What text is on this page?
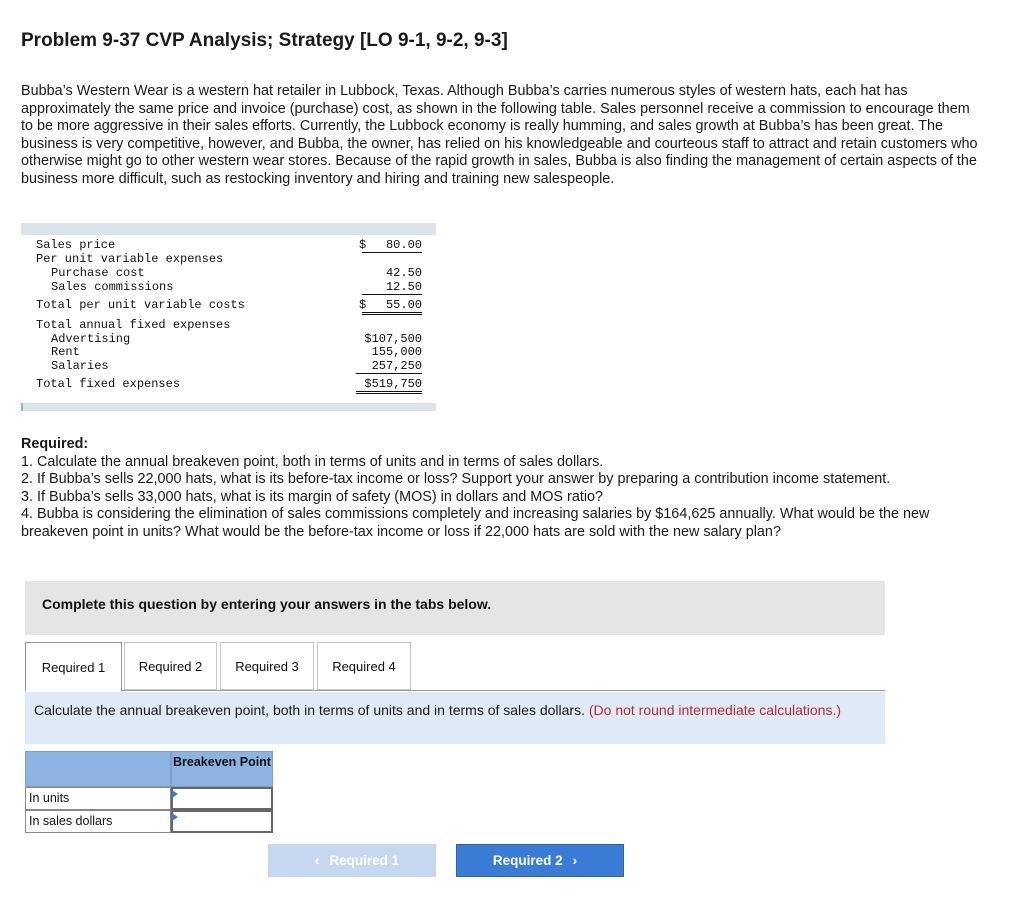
Problem 9-37 CVP Analysis; Strategy [LO 9-1, 9-2, 9-3]
Bubba’s Western Wear is a western hat retailer in Lubbock, Texas. Although Bubba’s carries numerous styles of western hats, each hat has approximately the same price and invoice (purchase) cost, as shown in the following table. Sales personnel receive a commission to encourage them to be more aggressive in their sales efforts. Currently, the Lubbock economy is really humming, and sales growth at Bubba’s has been great. The business is very competitive, however, and Bubba, the owner, has relied on his knowledgeable and courteous staff to attract and retain customers who otherwise might go to other western wear stores. Because of the rapid growth in sales, Bubba is also finding the management of certain aspects of the business more difficult, such as restocking inventory and hiring and training new salespeople.
Sales price	$	80.00
Per unit variable expenses
Purchase cost	42.50
Sales commissions	12.50
Total per unit variable costs	$	55.00
Total annual fixed expenses
Advertising	$107,500
Rent	155,000
Salaries	257,250
Total fixed expenses	$519,750
Required:

1. Calculate the annual breakeven point, both in terms of units and in terms of sales dollars.

2. If Bubba’s sells 22,000 hats, what is its before-tax income or loss? Support your answer by preparing a contribution income statement.

3. If Bubba’s sells 33,000 hats, what is its margin of safety (MOS) in dollars and MOS ratio?

4. Bubba is considering the elimination of sales commissions completely and increasing salaries by $164,625 annually. What would be the new breakeven point in units? What would be the before-tax income or loss if 22,000 hats are sold with the new salary plan?

Complete this question by entering your answers in the tabs below.
Required 1	Required 2	Required 3	Required 4
Calculate the annual breakeven point, both in terms of units and in terms of sales dollars. (Do not round intermediate calculations.)
Breakeven Point
In units
In sales dollars
‹ Required 1	Required 2 ›
